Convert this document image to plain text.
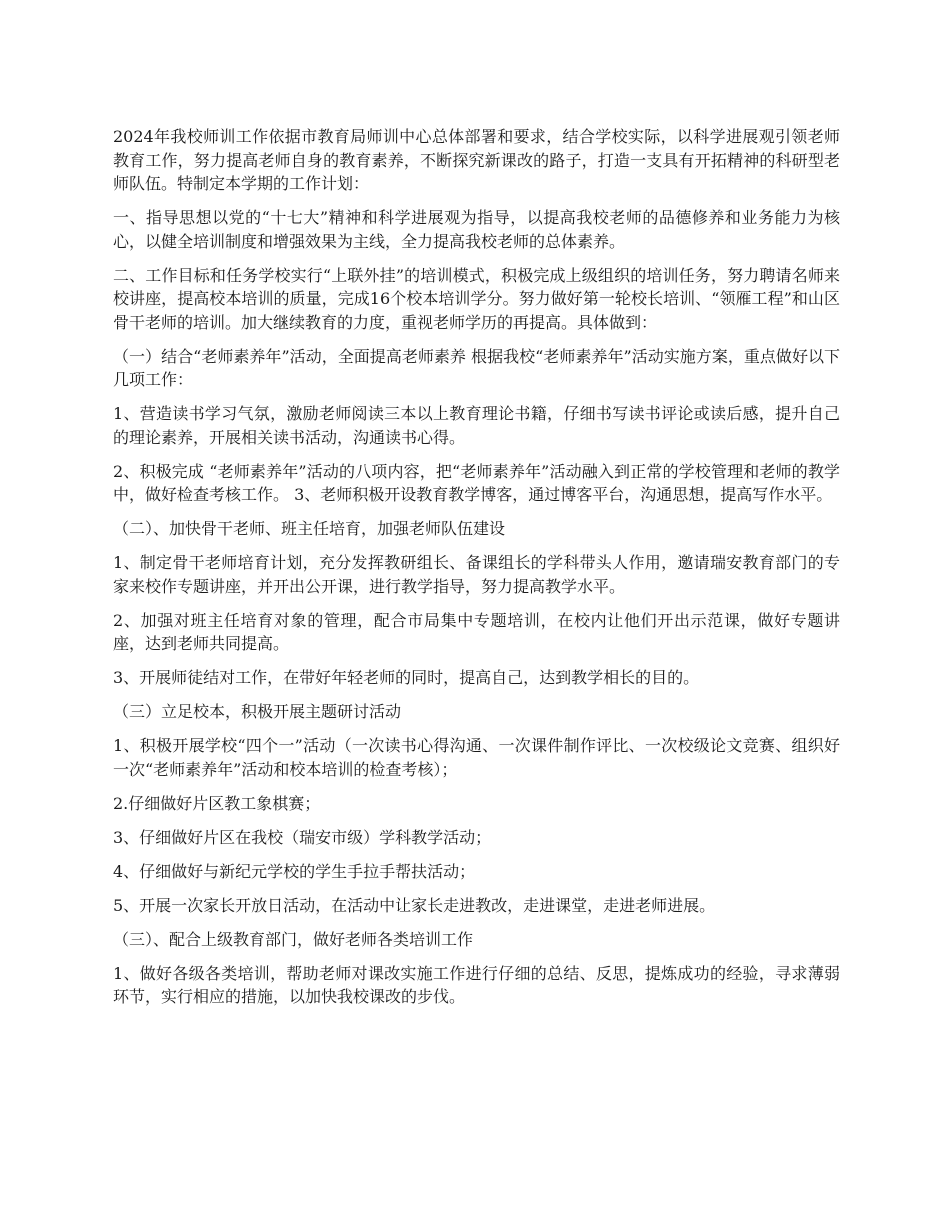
2024年我校师训工作依据市教育局师训中心总体部署和要求，结合学校实际，以科学进展观引领老师教育工作，努力提高老师自身的教育素养，不断探究新课改的路子，打造一支具有开拓精神的科研型老师队伍。特制定本学期的工作计划：

一、指导思想以党的“十七大”精神和科学进展观为指导，以提高我校老师的品德修养和业务能力为核心，以健全培训制度和增强效果为主线，全力提高我校老师的总体素养。

二、工作目标和任务学校实行“上联外挂”的培训模式，积极完成上级组织的培训任务，努力聘请名师来校讲座，提高校本培训的质量，完成16个校本培训学分。努力做好第一轮校长培训、“领雁工程”和山区骨干老师的培训。加大继续教育的力度，重视老师学历的再提高。具体做到：

（一）结合“老师素养年”活动，全面提高老师素养 根据我校“老师素养年”活动实施方案，重点做好以下几项工作：

1、营造读书学习气氛，激励老师阅读三本以上教育理论书籍，仔细书写读书评论或读后感，提升自己的理论素养，开展相关读书活动，沟通读书心得。

2、积极完成 “老师素养年”活动的八项内容，把“老师素养年”活动融入到正常的学校管理和老师的教学中，做好检查考核工作。 3、老师积极开设教育教学博客，通过博客平台，沟通思想，提高写作水平。

（二）、加快骨干老师、班主任培育，加强老师队伍建设

1、制定骨干老师培育计划，充分发挥教研组长、备课组长的学科带头人作用，邀请瑞安教育部门的专家来校作专题讲座，并开出公开课，进行教学指导，努力提高教学水平。

2、加强对班主任培育对象的管理，配合市局集中专题培训，在校内让他们开出示范课，做好专题讲座，达到老师共同提高。

3、开展师徒结对工作，在带好年轻老师的同时，提高自己，达到教学相长的目的。

（三）立足校本，积极开展主题研讨活动

1、积极开展学校“四个一”活动（一次读书心得沟通、一次课件制作评比、一次校级论文竞赛、组织好一次“老师素养年”活动和校本培训的检查考核）；

2.仔细做好片区教工象棋赛；

3、仔细做好片区在我校（瑞安市级）学科教学活动；

4、仔细做好与新纪元学校的学生手拉手帮扶活动；

5、开展一次家长开放日活动，在活动中让家长走进教改，走进课堂，走进老师进展。

（三）、配合上级教育部门，做好老师各类培训工作

1、做好各级各类培训，帮助老师对课改实施工作进行仔细的总结、反思，提炼成功的经验，寻求薄弱环节，实行相应的措施，以加快我校课改的步伐。
